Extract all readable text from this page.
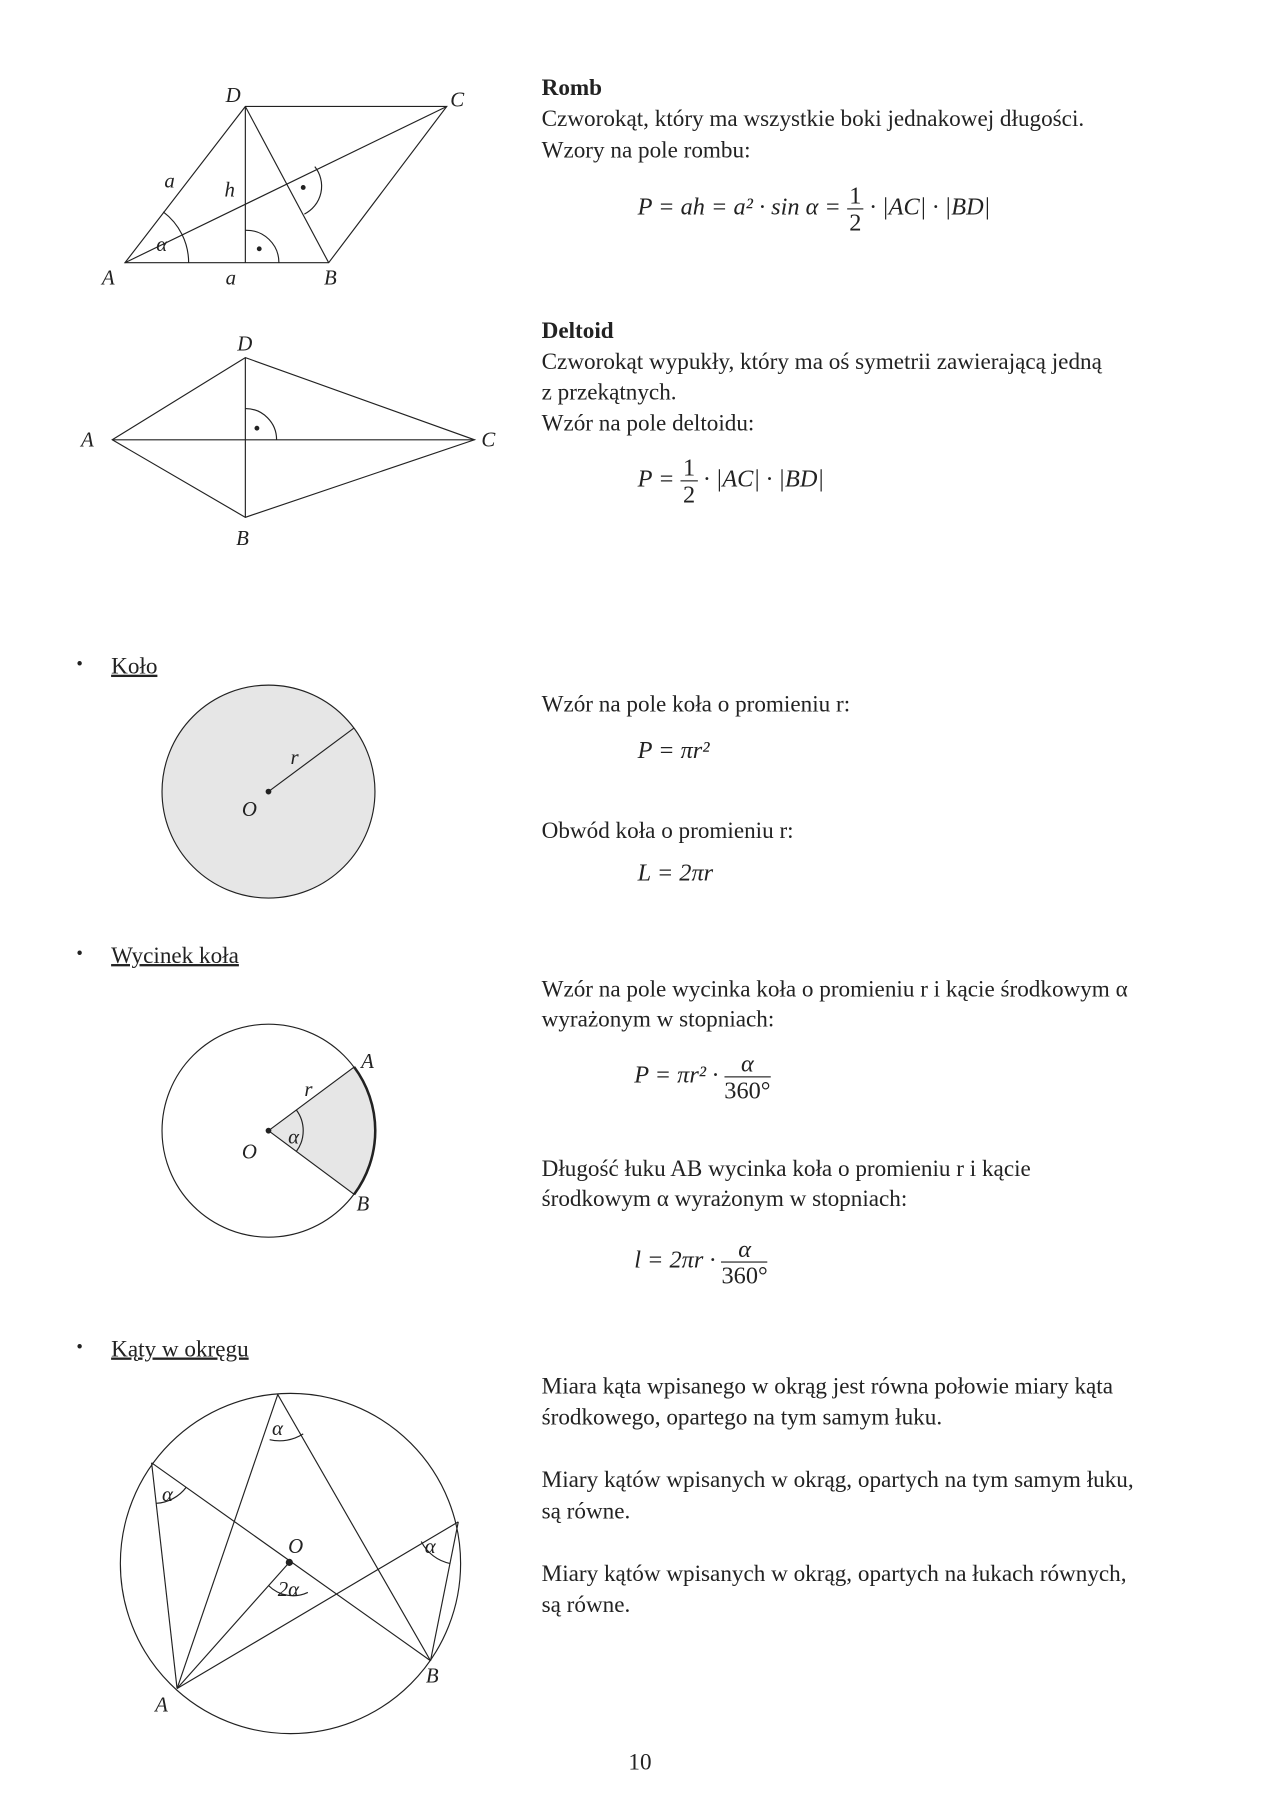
D	C
A	a	B
a	h
α
D
A	C
B
r
O
A
B
r
α
O
α
α
α
O
2α
B
A
Romb
Czworokąt, który ma wszystkie boki jednakowej długości.
Wzory na pole rombu:
P = ah = $a^2 \cdot \sin \alpha = \frac{1}{2} \cdot |AC| \cdot |BD|$
Deltoid
Czworokąt wypukły, który ma oś symetrii zawierającą jedną
z przekątnych.
Wzór na pole deltoidu:
$P = \frac{1}{2} \cdot |AC| \cdot |BD|$
• Koło
Wzór na pole koła o promieniu r:
P = πr²
Obwód koła o promieniu r:
L = 2πr
• Wycinek koła
Wzór na pole wycinka koła o promieniu r i kącie środkowym α
wyrażonym w stopniach:
$P = \pi r^2 \cdot \frac{\alpha}{360^\circ}$
Długość łuku AB wycinka koła o promieniu r i kącie
środkowym α wyrażonym w stopniach:
$l = 2\pi r \cdot \frac{\alpha}{360^\circ}$
• Kąty w okręgu
Miara kąta wpisanego w okrąg jest równa połowie miary kąta
środkowego, opartego na tym samym łuku.
Miary kątów wpisanych w okrąg, opartych na tym samym łuku,
są równe.
Miary kątów wpisanych w okrąg, opartych na łukach równych,
są równe.
10
